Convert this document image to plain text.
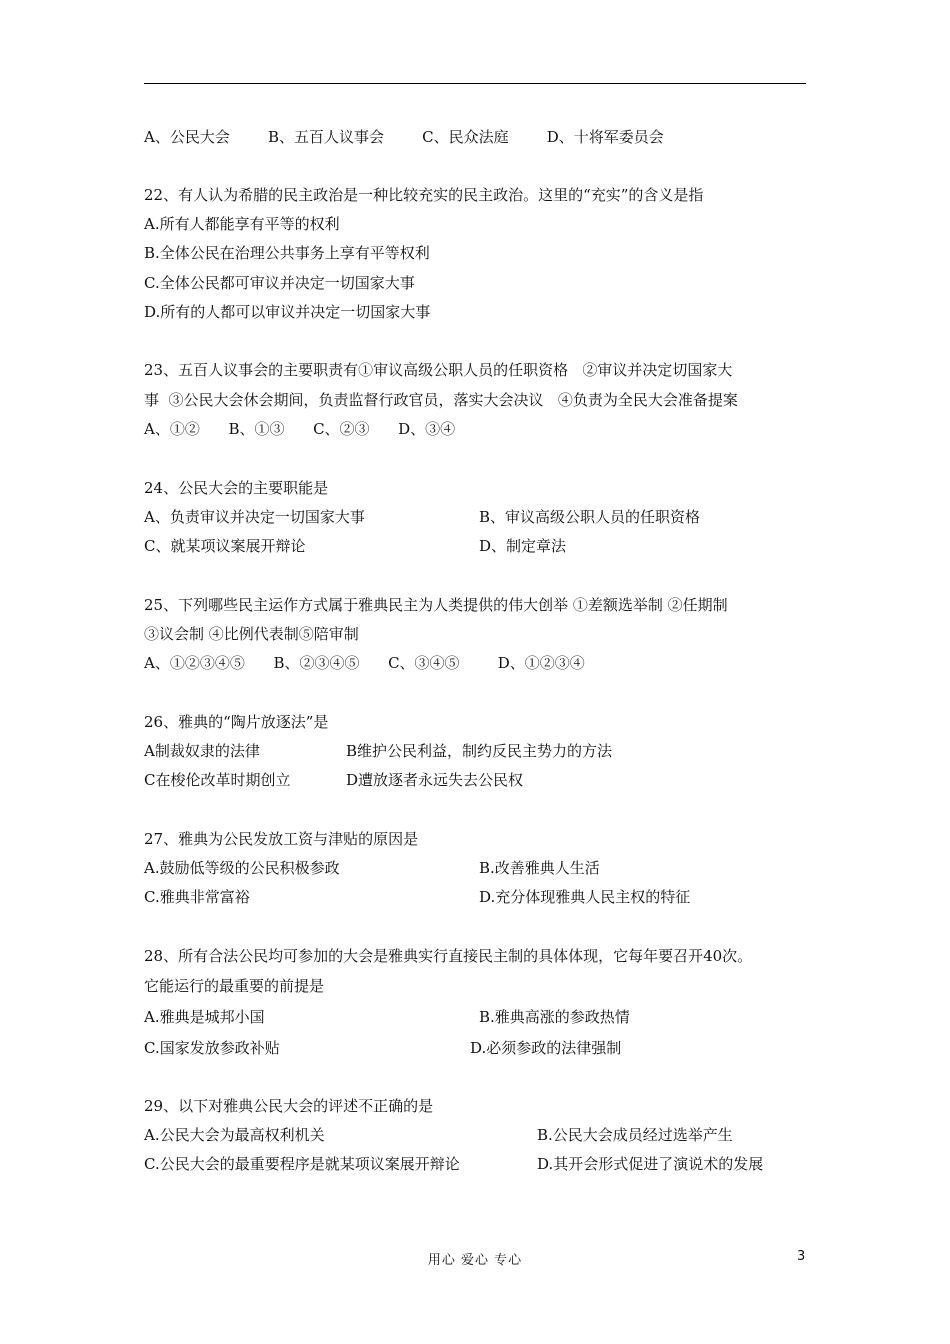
A、公民大会        B、五百人议事会        C、民众法庭        D、十将军委员会
22、有人认为希腊的民主政治是一种比较充实的民主政治。这里的“充实”的含义是指
A.所有人都能享有平等的权利
B.全体公民在治理公共事务上享有平等权利
C.全体公民都可审议并决定一切国家大事
D.所有的人都可以审议并决定一切国家大事
23、五百人议事会的主要职责有①审议高级公职人员的任职资格   ②审议并决定切国家大
事  ③公民大会休会期间，负责监督行政官员，落实大会决议   ④负责为全民大会准备提案
A、①②      B、①③      C、②③      D、③④
24、公民大会的主要职能是
A、负责审议并决定一切国家大事	B、审议高级公职人员的任职资格
C、就某项议案展开辩论	D、制定章法
25、下列哪些民主运作方式属于雅典民主为人类提供的伟大创举 ①差额选举制 ②任期制
③议会制 ④比例代表制⑤陪审制
A、①②③④⑤      B、②③④⑤      C、③④⑤        D、①②③④
26、雅典的“陶片放逐法”是
A制裁奴隶的法律	B维护公民利益，制约反民主势力的方法
C在梭伦改革时期创立	D遭放逐者永远失去公民权
27、雅典为公民发放工资与津贴的原因是
A.鼓励低等级的公民积极参政	B.改善雅典人生活
C.雅典非常富裕	D.充分体现雅典人民主权的特征
28、所有合法公民均可参加的大会是雅典实行直接民主制的具体体现，它每年要召开40次。
它能运行的最重要的前提是
A.雅典是城邦小国	B.雅典高涨的参政热情
C.国家发放参政补贴	D.必须参政的法律强制
29、以下对雅典公民大会的评述不正确的是
A.公民大会为最高权利机关	B.公民大会成员经过选举产生
C.公民大会的最重要程序是就某项议案展开辩论	D.其开会形式促进了演说术的发展
用心 爱心 专心	3
